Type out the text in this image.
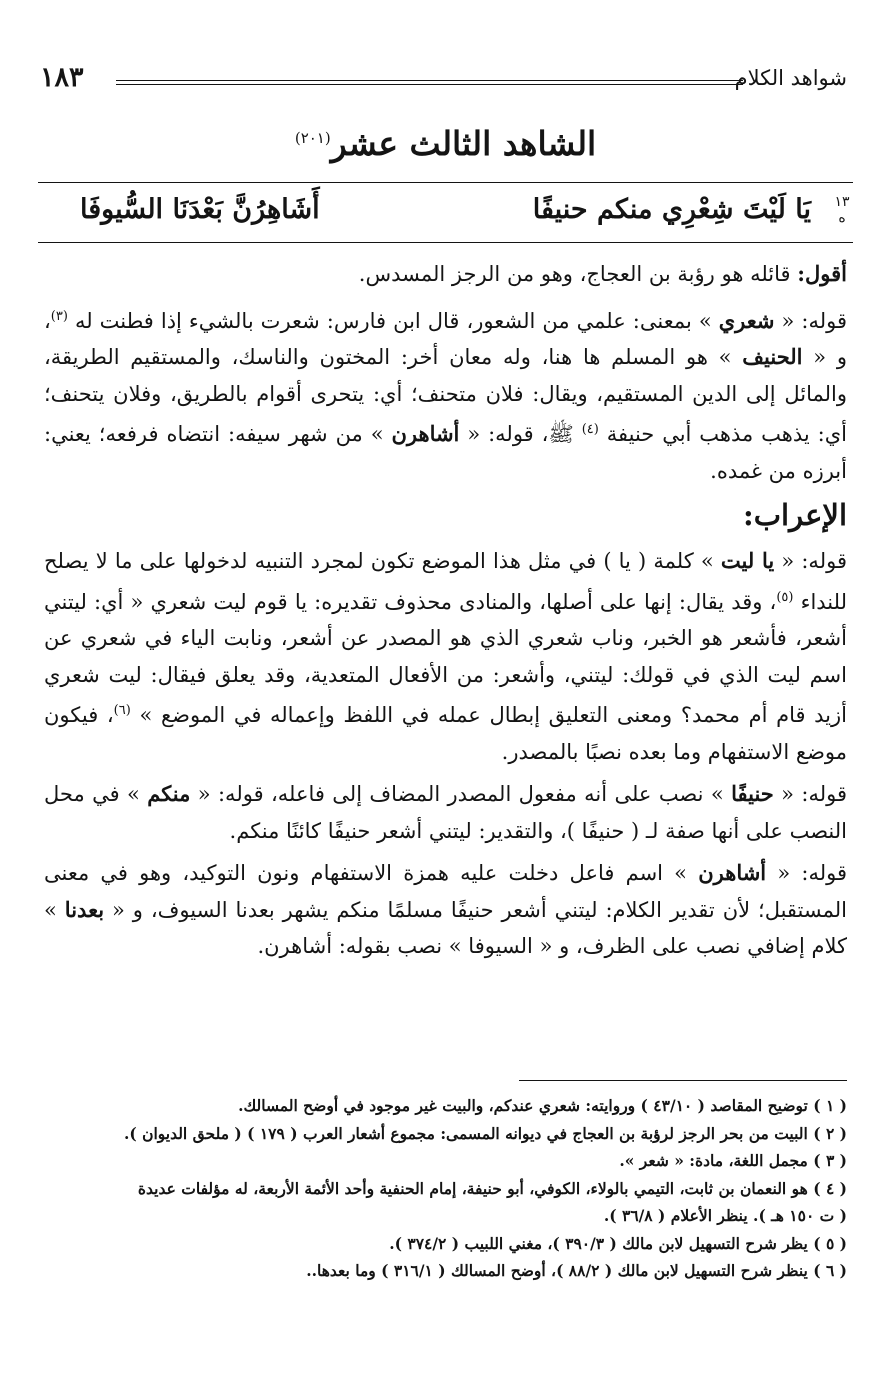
شواهد الكلام
١٨٣
الشاهد الثالث عشر$^{(٢٠١)}$
١٣
ه
يَا لَيْتَ شِعْرِي منكم حنيفًا
أَشَاهِرُنَّ بَعْدَنَا السُّيوفَا

أقول: قائله هو رؤبة بن العجاج، وهو من الرجز المسدس.

قوله: « شعري » بمعنى: علمي من الشعور، قال ابن فارس: شعرت بالشيء إذا فطنت له $^{(٣)}$، و « الحنيف » هو المسلم ها هنا، وله معان أخر: المختون والناسك، والمستقيم الطريقة، والمائل إلى الدين المستقيم، ويقال: فلان متحنف؛ أي: يتحرى أقوام بالطريق، وفلان يتحنف؛ أي: يذهب مذهب أبي حنيفة $^{(٤)}$ ﷺ، قوله: « أشاهرن » من شهر سيفه: انتضاه فرفعه؛ يعني: أبرزه من غمده.

الإعراب:

قوله: « يا ليت » كلمة ( يا ) في مثل هذا الموضع تكون لمجرد التنبيه لدخولها على ما لا يصلح للنداء $^{(٥)}$، وقد يقال: إنها على أصلها، والمنادى محذوف تقديره: يا قوم ليت شعري « أي: ليتني أشعر، فأشعر هو الخبر، وناب شعري الذي هو المصدر عن أشعر، ونابت الياء في شعري عن اسم ليت الذي في قولك: ليتني، وأشعر: من الأفعال المتعدية، وقد يعلق فيقال: ليت شعري أزيد قام أم محمد؟ ومعنى التعليق إبطال عمله في اللفظ وإعماله في الموضع » $^{(٦)}$، فيكون موضع الاستفهام وما بعده نصبًا بالمصدر.

قوله: « حنيفًا » نصب على أنه مفعول المصدر المضاف إلى فاعله، قوله: « منكم » في محل النصب على أنها صفة لـ ( حنيفًا )، والتقدير: ليتني أشعر حنيفًا كائنًا منكم.

قوله: « أشاهرن » اسم فاعل دخلت عليه همزة الاستفهام ونون التوكيد، وهو في معنى المستقبل؛ لأن تقدير الكلام: ليتني أشعر حنيفًا مسلمًا منكم يشهر بعدنا السيوف، و « بعدنا » كلام إضافي نصب على الظرف، و « السيوفا » نصب بقوله: أشاهرن.

( ١ ) توضيح المقاصد ( ٤٣/١٠ ) وروايته: شعري عندكم، والبيت غير موجود في أوضح المسالك.
( ٢ ) البيت من بحر الرجز لرؤبة بن العجاج في ديوانه المسمى: مجموع أشعار العرب ( ١٧٩ ) ( ملحق الديوان ).
( ٣ ) مجمل اللغة، مادة: « شعر ».
( ٤ ) هو النعمان بن ثابت، التيمي بالولاء، الكوفي، أبو حنيفة، إمام الحنفية وأحد الأئمة الأربعة، له مؤلفات عديدة
( ت ١٥٠ هـ ). ينظر الأعلام ( ٣٦/٨ ).
( ٥ ) يظر شرح التسهيل لابن مالك ( ٣٩٠/٣ )، مغني اللبيب ( ٣٧٤/٢ ).
( ٦ ) ينظر شرح التسهيل لابن مالك ( ٨٨/٢ )، أوضح المسالك ( ٣١٦/١ ) وما بعدها..
